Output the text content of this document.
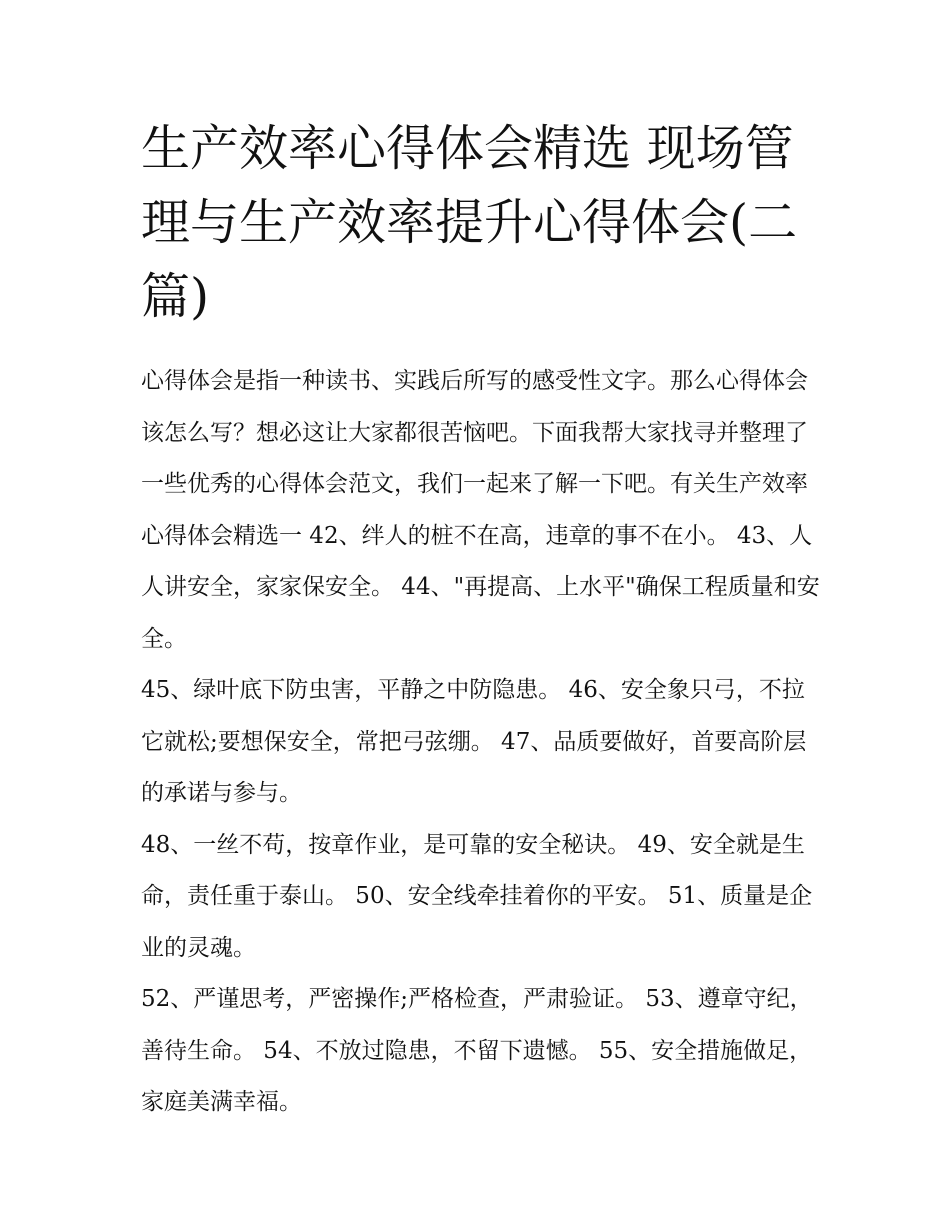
生产效率心得体会精选 现场管理与生产效率提升心得体会(二篇)

心得体会是指一种读书、实践后所写的感受性文字。那么心得体会该怎么写？想必这让大家都很苦恼吧。下面我帮大家找寻并整理了一些优秀的心得体会范文，我们一起来了解一下吧。有关生产效率心得体会精选一 42、绊人的桩不在高，违章的事不在小。 43、人人讲安全，家家保安全。 44、"再提高、上水平"确保工程质量和安全。

45、绿叶底下防虫害，平静之中防隐患。 46、安全象只弓，不拉它就松;要想保安全，常把弓弦绷。 47、品质要做好，首要高阶层的承诺与参与。

48、一丝不苟，按章作业，是可靠的安全秘诀。 49、安全就是生命，责任重于泰山。 50、安全线牵挂着你的平安。 51、质量是企业的灵魂。

52、严谨思考，严密操作;严格检查，严肃验证。 53、遵章守纪，善待生命。 54、不放过隐患，不留下遗憾。 55、安全措施做足，家庭美满幸福。
